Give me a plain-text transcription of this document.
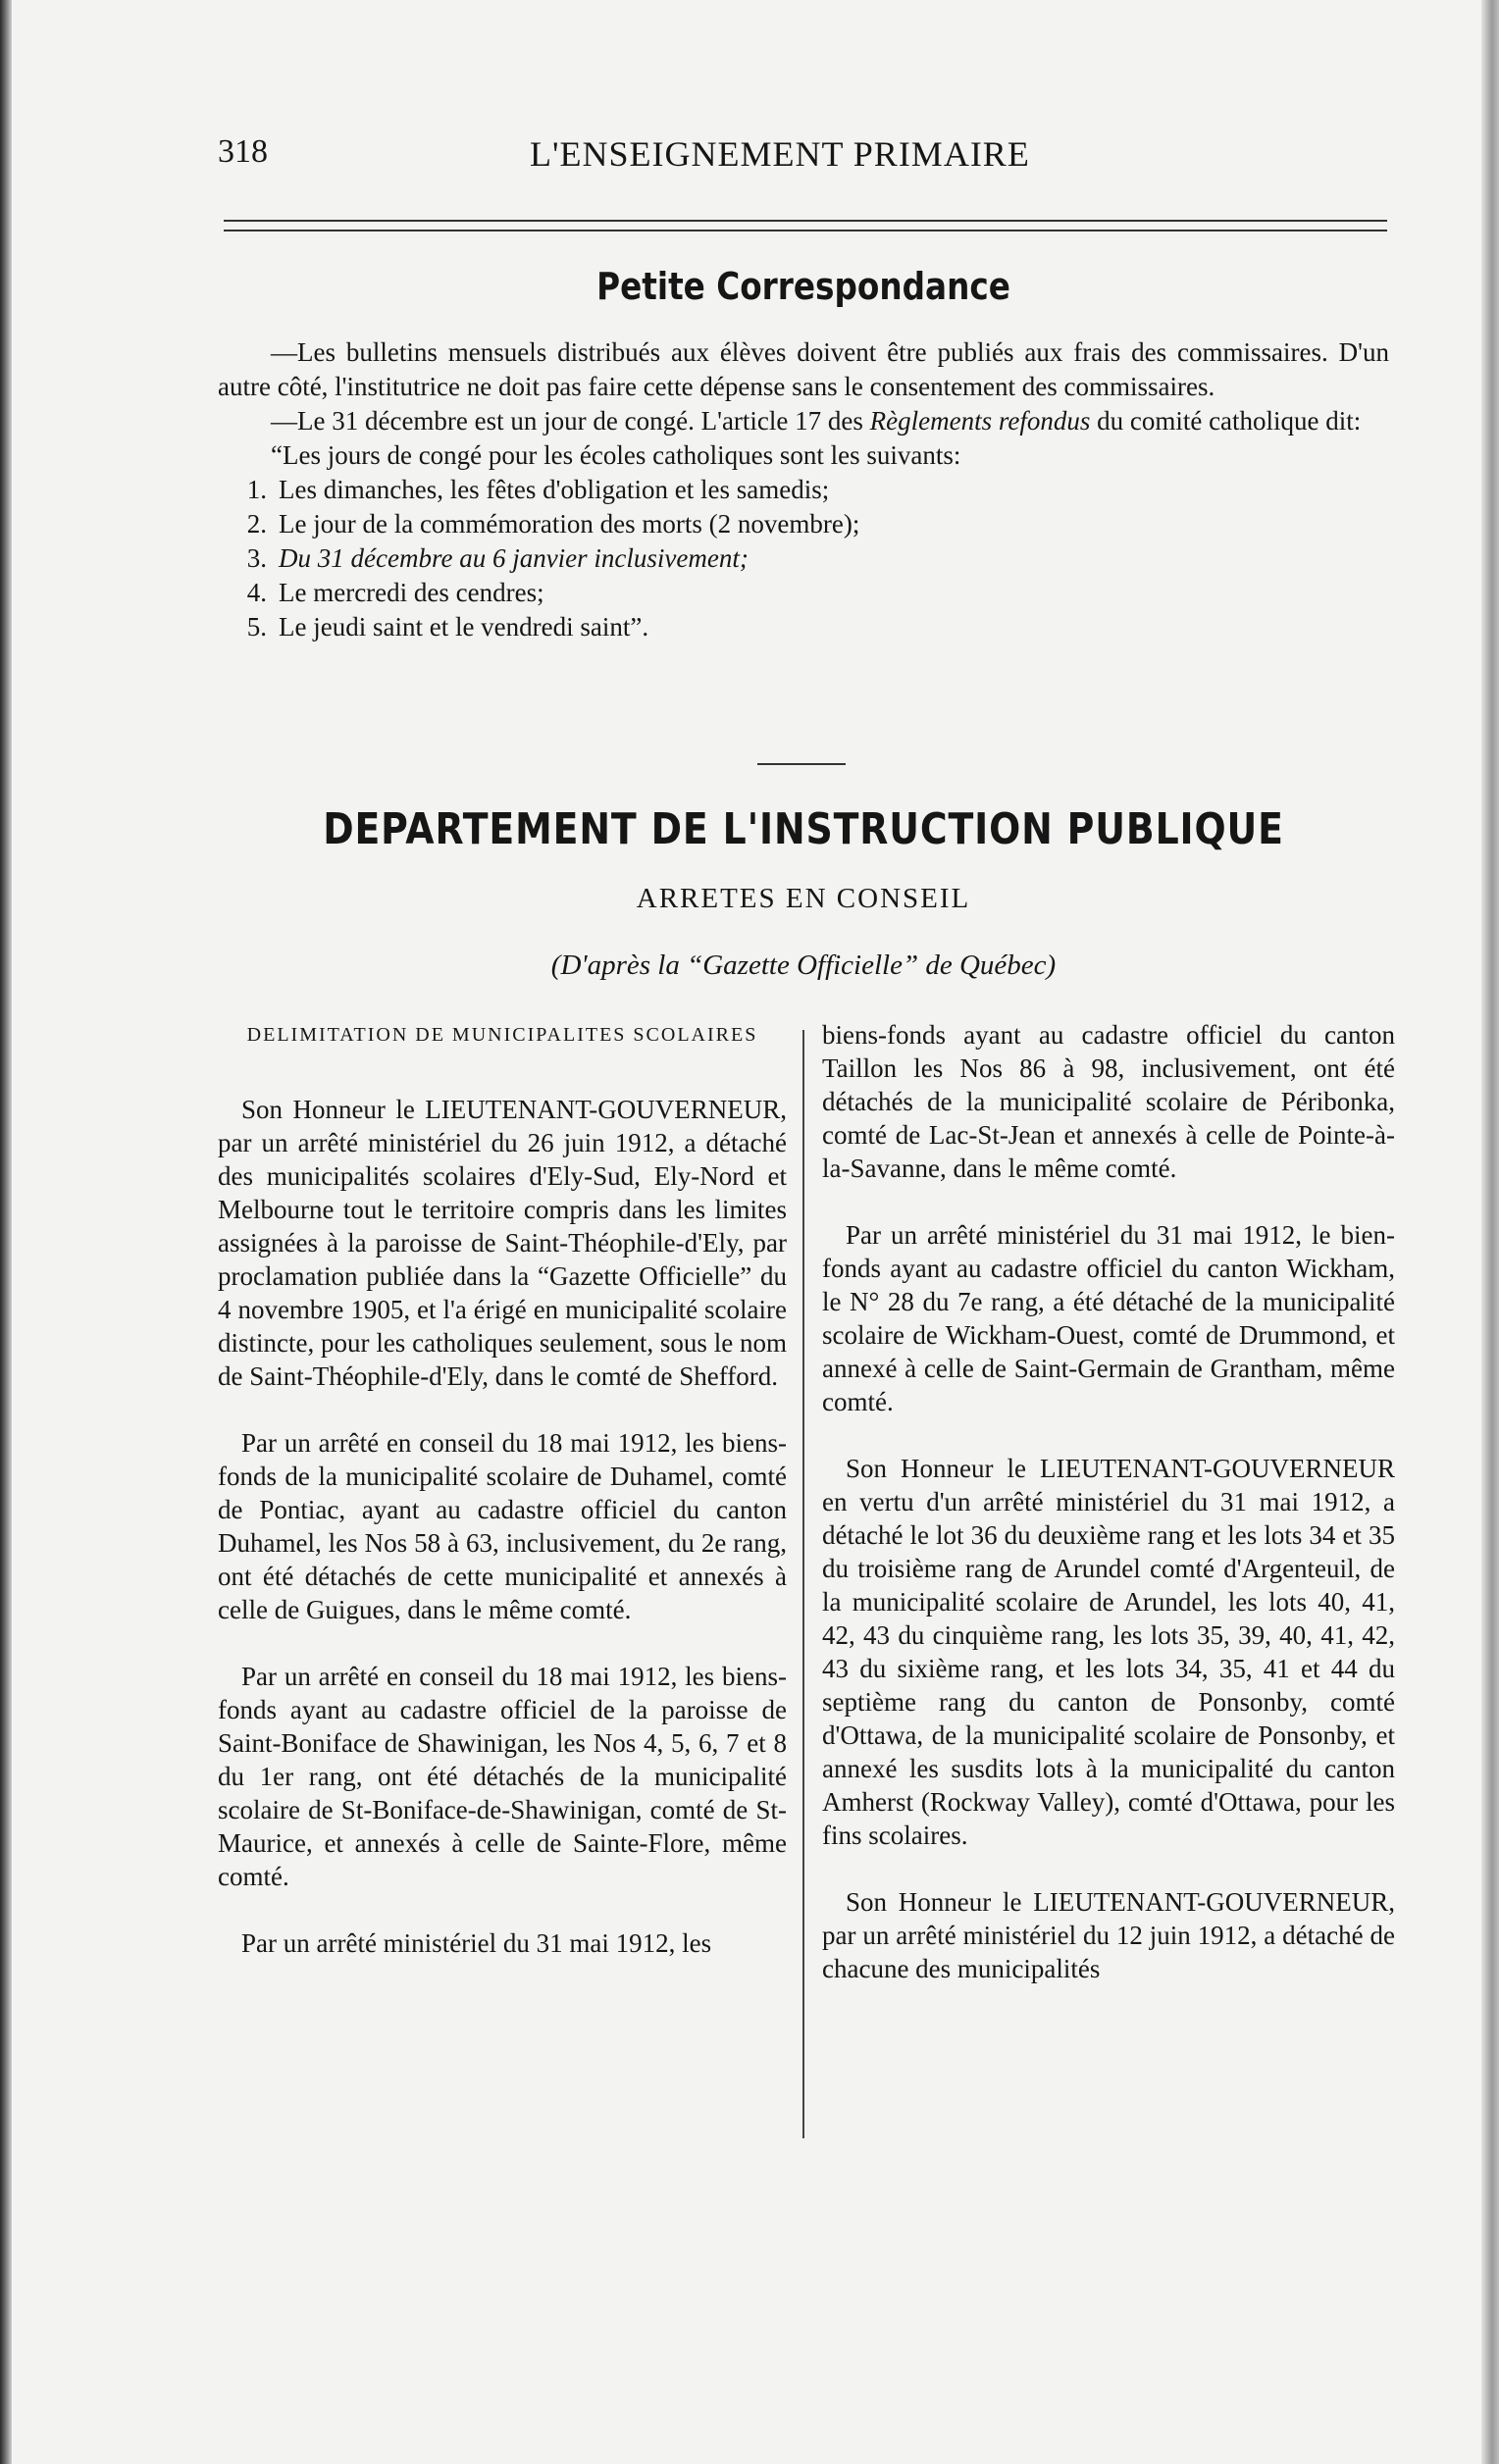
318	L'ENSEIGNEMENT PRIMAIRE
Petite Correspondance

—Les bulletins mensuels distribués aux élèves doivent être publiés aux frais des commissaires. D'un autre côté, l'institutrice ne doit pas faire cette dépense sans le consentement des commissaires.

—Le 31 décembre est un jour de congé. L'article 17 des Règlements refondus du comité catholique dit:

“Les jours de congé pour les écoles catholiques sont les suivants:

1. Les dimanches, les fêtes d'obligation et les samedis;
2. Le jour de la commémoration des morts (2 novembre);
3. Du 31 décembre au 6 janvier inclusivement;
4. Le mercredi des cendres;
5. Le jeudi saint et le vendredi saint”.
DEPARTEMENT DE L'INSTRUCTION PUBLIQUE
ARRETES EN CONSEIL
(D'après la “Gazette Officielle” de Québec)
DELIMITATION DE MUNICIPALITES SCOLAIRES

Son Honneur le LIEUTENANT-GOUVERNEUR, par un arrêté ministériel du 26 juin 1912, a détaché des municipalités scolaires d'Ely-Sud, Ely-Nord et Melbourne tout le territoire compris dans les limites assignées à la paroisse de Saint-Théophile-d'Ely, par proclamation publiée dans la “Gazette Officielle” du 4 novembre 1905, et l'a érigé en municipalité scolaire distincte, pour les catholiques seulement, sous le nom de Saint-Théophile-d'Ely, dans le comté de Shefford.

Par un arrêté en conseil du 18 mai 1912, les biens-fonds de la municipalité scolaire de Duhamel, comté de Pontiac, ayant au cadastre officiel du canton Duhamel, les Nos 58 à 63, inclusivement, du 2e rang, ont été détachés de cette municipalité et annexés à celle de Guigues, dans le même comté.

Par un arrêté en conseil du 18 mai 1912, les biens-fonds ayant au cadastre officiel de la paroisse de Saint-Boniface de Shawinigan, les Nos 4, 5, 6, 7 et 8 du 1er rang, ont été détachés de la municipalité scolaire de St-Boniface-de-Shawinigan, comté de St-Maurice, et annexés à celle de Sainte-Flore, même comté.

Par un arrêté ministériel du 31 mai 1912, les

biens-fonds ayant au cadastre officiel du canton Taillon les Nos 86 à 98, inclusivement, ont été détachés de la municipalité scolaire de Péribonka, comté de Lac-St-Jean et annexés à celle de Pointe-à-la-Savanne, dans le même comté.

Par un arrêté ministériel du 31 mai 1912, le bien-fonds ayant au cadastre officiel du canton Wickham, le N° 28 du 7e rang, a été détaché de la municipalité scolaire de Wickham-Ouest, comté de Drummond, et annexé à celle de Saint-Germain de Grantham, même comté.

Son Honneur le LIEUTENANT-GOUVERNEUR en vertu d'un arrêté ministériel du 31 mai 1912, a détaché le lot 36 du deuxième rang et les lots 34 et 35 du troisième rang de Arundel comté d'Argenteuil, de la municipalité scolaire de Arundel, les lots 40, 41, 42, 43 du cinquième rang, les lots 35, 39, 40, 41, 42, 43 du sixième rang, et les lots 34, 35, 41 et 44 du septième rang du canton de Ponsonby, comté d'Ottawa, de la municipalité scolaire de Ponsonby, et annexé les susdits lots à la municipalité du canton Amherst (Rockway Valley), comté d'Ottawa, pour les fins scolaires.

Son Honneur le LIEUTENANT-GOUVERNEUR, par un arrêté ministériel du 12 juin 1912, a détaché de chacune des municipalités
